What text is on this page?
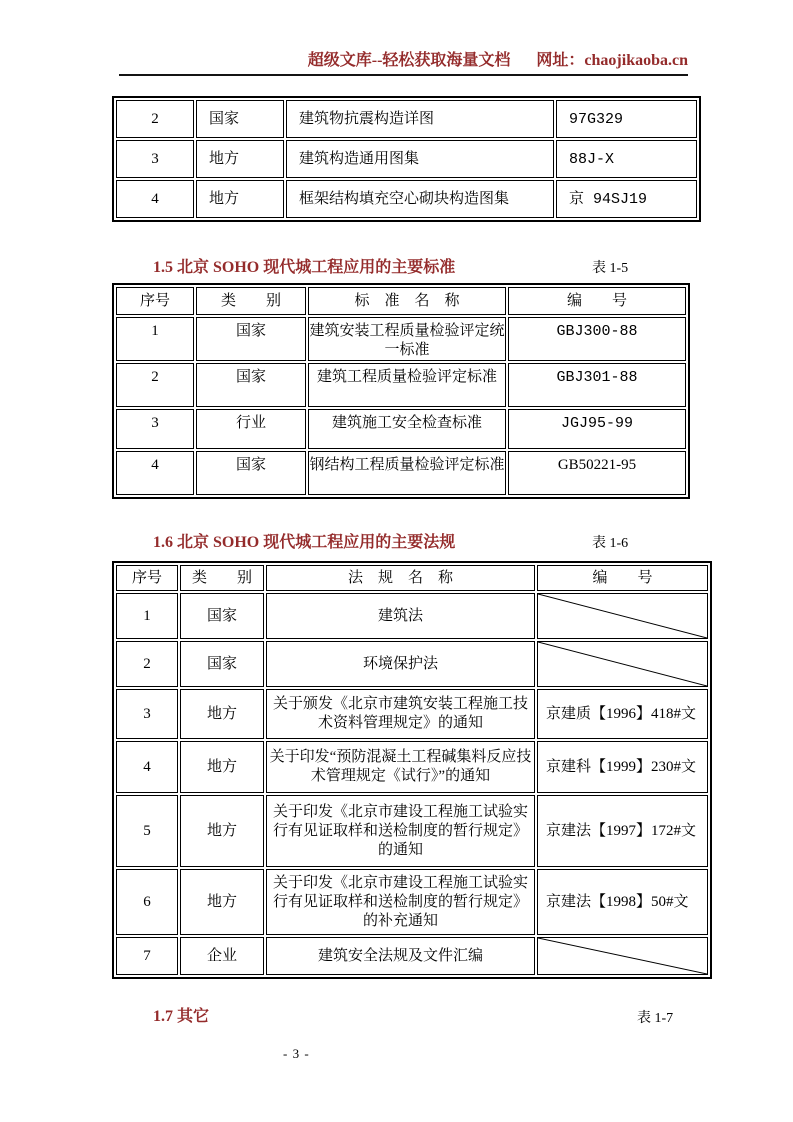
超级文库--轻松获取海量文档 网址：chaojikaoba.cn
2	国家	建筑物抗震构造详图	97G329
3	地方	建筑构造通用图集	88J-X
4	地方	框架结构填充空心砌块构造图集	京 94SJ19
1.5 北京 SOHO 现代城工程应用的主要标准	表 1-5
序号	类　　别	标　准　名　称	编　　号
1	国家	建筑安装工程质量检验评定统一标准	GBJ300-88
2	国家	建筑工程质量检验评定标准	GBJ301-88
3	行业	建筑施工安全检查标准	JGJ95-99
4	国家	钢结构工程质量检验评定标准	GB50221-95
1.6 北京 SOHO 现代城工程应用的主要法规	表 1-6
序号	类　　别	法　规　名　称	编　　号
1	国家	建筑法	

2	国家	环境保护法	

3	地方	关于颁发《北京市建筑安装工程施工技术资料管理规定》的通知	京建质【1996】418#文
4	地方	关于印发“预防混凝土工程碱集料反应技术管理规定《试行》”的通知	京建科【1999】230#文
5	地方	关于印发《北京市建设工程施工试验实行有见证取样和送检制度的暂行规定》的通知	京建法【1997】172#文
6	地方	关于印发《北京市建设工程施工试验实行有见证取样和送检制度的暂行规定》的补充通知	京建法【1998】50#文
7	企业	建筑安全法规及文件汇编	
1.7 其它	表 1-7
- 3 -
